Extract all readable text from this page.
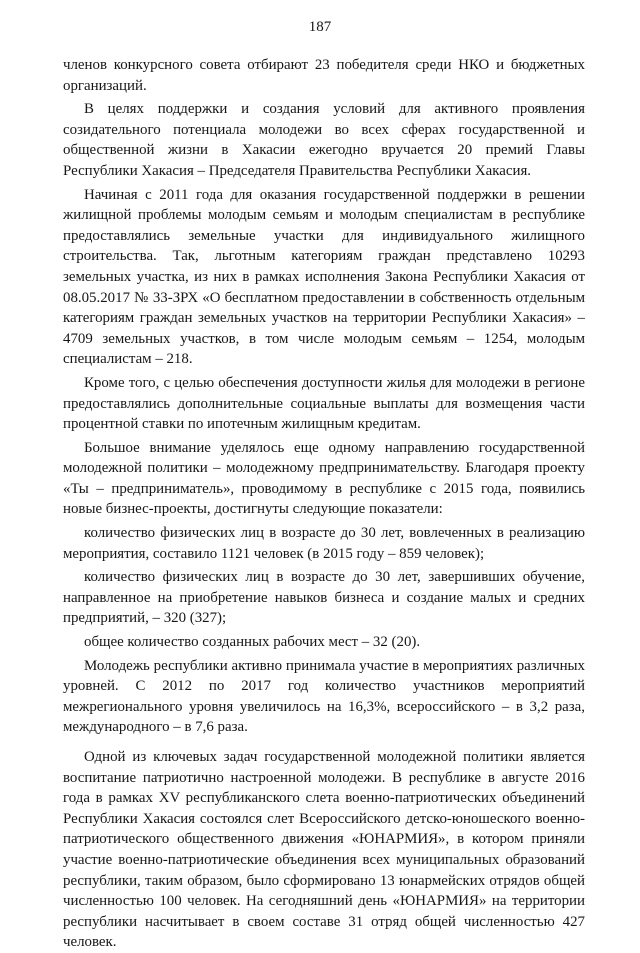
187

членов конкурсного совета отбирают 23 победителя среди НКО и бюджетных организаций.

В целях поддержки и создания условий для активного проявления созидательного потенциала молодежи во всех сферах государственной и общественной жизни в Хакасии ежегодно вручается 20 премий Главы Республики Хакасия – Председателя Правительства Республики Хакасия.

Начиная с 2011 года для оказания государственной поддержки в решении жилищной проблемы молодым семьям и молодым специалистам в республике предоставлялись земельные участки для индивидуального жилищного строительства. Так, льготным категориям граждан представлено 10293 земельных участка, из них в рамках исполнения Закона Республики Хакасия от 08.05.2017 № 33-ЗРХ «О бесплатном предоставлении в собственность отдельным категориям граждан земельных участков на территории Республики Хакасия» – 4709 земельных участков, в том числе молодым семьям – 1254, молодым специалистам – 218.

Кроме того, с целью обеспечения доступности жилья для молодежи в регионе предоставлялись дополнительные социальные выплаты для возмещения части процентной ставки по ипотечным жилищным кредитам.

Большое внимание уделялось еще одному направлению государственной молодежной политики – молодежному предпринимательству. Благодаря проекту «Ты – предприниматель», проводимому в республике с 2015 года, появились новые бизнес-проекты, достигнуты следующие показатели:

количество физических лиц в возрасте до 30 лет, вовлеченных в реализацию мероприятия, составило 1121 человек (в 2015 году – 859 человек);

количество физических лиц в возрасте до 30 лет, завершивших обучение, направленное на приобретение навыков бизнеса и создание малых и средних предприятий, – 320 (327);

общее количество созданных рабочих мест – 32 (20).

Молодежь республики активно принимала участие в мероприятиях различных уровней. С 2012 по 2017 год количество участников мероприятий межрегионального уровня увеличилось на 16,3%, всероссийского – в 3,2 раза, международного – в 7,6 раза.

Одной из ключевых задач государственной молодежной политики является воспитание патриотично настроенной молодежи. В республике в августе 2016 года в рамках XV республиканского слета военно-патриотических объединений Республики Хакасия состоялся слет Всероссийского детско-юношеского военно-патриотического общественного движения «ЮНАРМИЯ», в котором приняли участие военно-патриотические объединения всех муниципальных образований республики, таким образом, было сформировано 13 юнармейских отрядов общей численностью 100 человек. На сегодняшний день «ЮНАРМИЯ» на территории республики насчитывает в своем составе 31 отряд общей численностью 427 человек.
